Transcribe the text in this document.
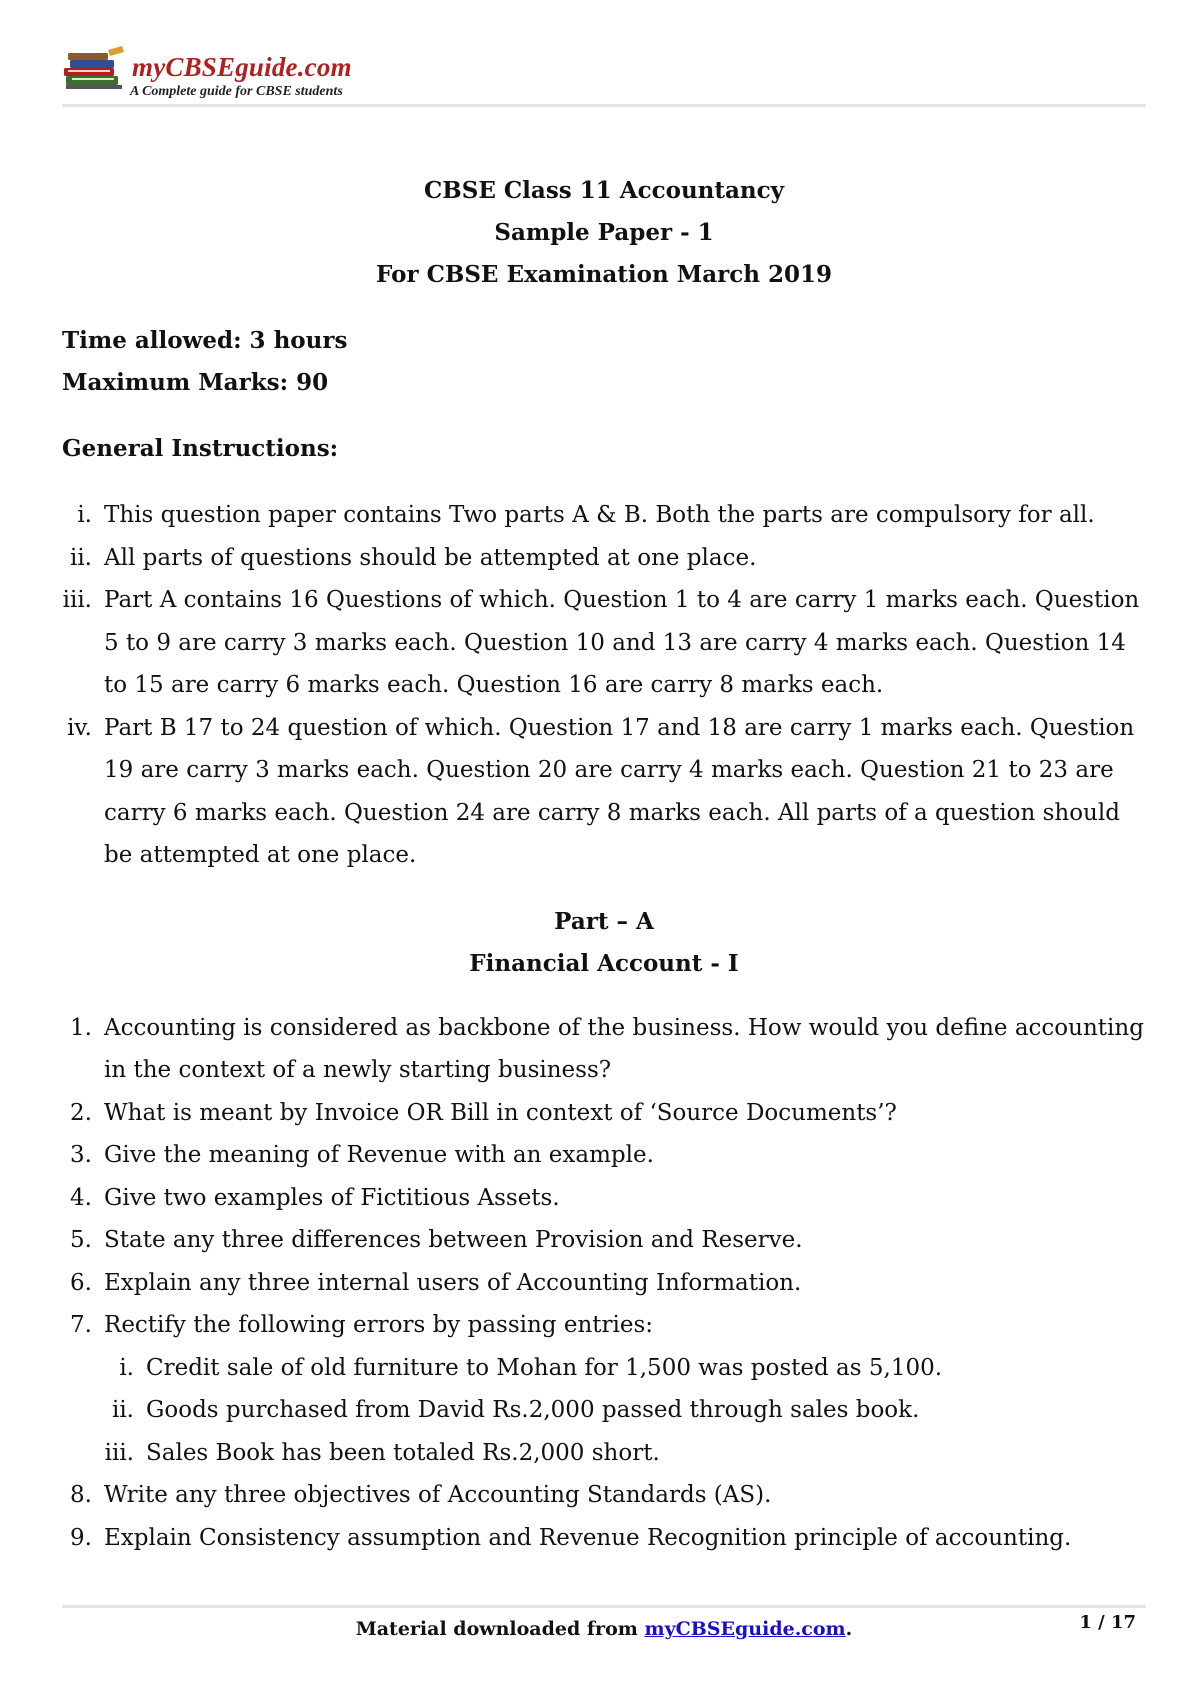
myCBSEguide.com
A Complete guide for CBSE students
CBSE Class 11 Accountancy
Sample Paper - 1
For CBSE Examination March 2019
Time allowed: 3 hours
Maximum Marks: 90
General Instructions:
i. This question paper contains Two parts A & B. Both the parts are compulsory for all.
ii. All parts of questions should be attempted at one place.
iii. Part A contains 16 Questions of which. Question 1 to 4 are carry 1 marks each. Question 5 to 9 are carry 3 marks each. Question 10 and 13 are carry 4 marks each. Question 14 to 15 are carry 6 marks each. Question 16 are carry 8 marks each.
iv. Part B 17 to 24 question of which. Question 17 and 18 are carry 1 marks each. Question 19 are carry 3 marks each. Question 20 are carry 4 marks each. Question 21 to 23 are carry 6 marks each. Question 24 are carry 8 marks each. All parts of a question should be attempted at one place.
Part – A
Financial Account - I
1. Accounting is considered as backbone of the business. How would you define accounting in the context of a newly starting business?
2. What is meant by Invoice OR Bill in context of ‘Source Documents’?
3. Give the meaning of Revenue with an example.
4. Give two examples of Fictitious Assets.
5. State any three differences between Provision and Reserve.
6. Explain any three internal users of Accounting Information.
7. Rectify the following errors by passing entries:
i. Credit sale of old furniture to Mohan for 1,500 was posted as 5,100.
ii. Goods purchased from David Rs.2,000 passed through sales book.
iii. Sales Book has been totaled Rs.2,000 short.
8. Write any three objectives of Accounting Standards (AS).
9. Explain Consistency assumption and Revenue Recognition principle of accounting.
Material downloaded from myCBSEguide.com.	1 / 17
